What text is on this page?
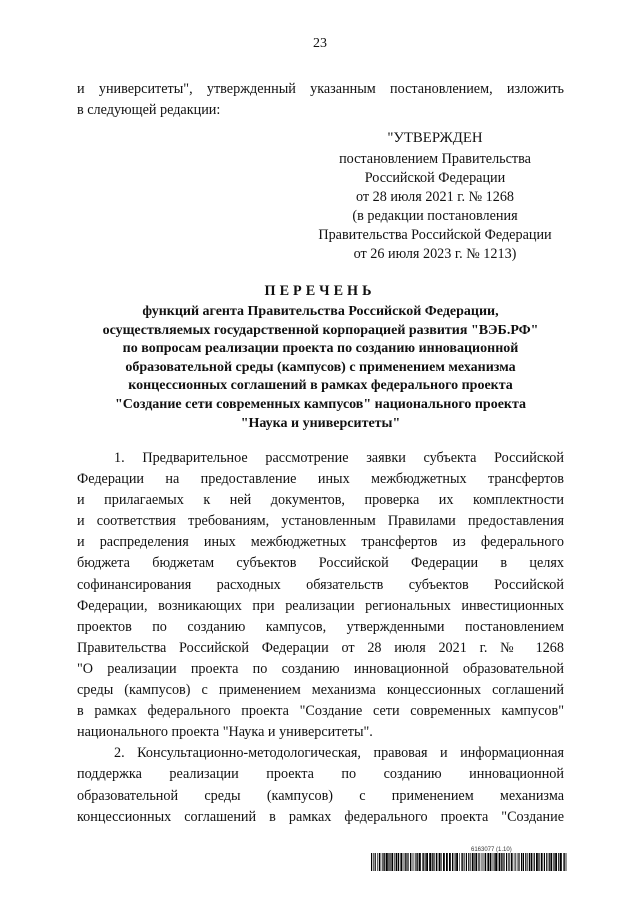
23
и университеты", утвержденный указанным постановлением, изложить
в следующей редакции:
"УТВЕРЖДЕН
постановлением Правительства
Российской Федерации
от 28 июля 2021 г. № 1268
(в редакции постановления
Правительства Российской Федерации
от 26 июля 2023 г. № 1213)
ПЕРЕЧЕНЬ
функций агента Правительства Российской Федерации,
осуществляемых государственной корпорацией развития "ВЭБ.РФ"
по вопросам реализации проекта по созданию инновационной
образовательной среды (кампусов) с применением механизма
концессионных соглашений в рамках федерального проекта
"Создание сети современных кампусов" национального проекта
"Наука и университеты"
1. Предварительное рассмотрение заявки субъекта Российской
Федерации на предоставление иных межбюджетных трансфертов
и прилагаемых к ней документов, проверка их комплектности
и соответствия требованиям, установленным Правилами предоставления
и распределения иных межбюджетных трансфертов из федерального
бюджета бюджетам субъектов Российской Федерации в целях
софинансирования расходных обязательств субъектов Российской
Федерации, возникающих при реализации региональных инвестиционных
проектов по созданию кампусов, утвержденными постановлением
Правительства Российской Федерации от 28 июля 2021 г. № 1268
"О реализации проекта по созданию инновационной образовательной
среды (кампусов) с применением механизма концессионных соглашений
в рамках федерального проекта "Создание сети современных кампусов"
национального проекта "Наука и университеты".
2. Консультационно-методологическая, правовая и информационная
поддержка реализации проекта по созданию инновационной
образовательной среды (кампусов) с применением механизма
концессионных соглашений в рамках федерального проекта "Создание
6163077 (1.10)
